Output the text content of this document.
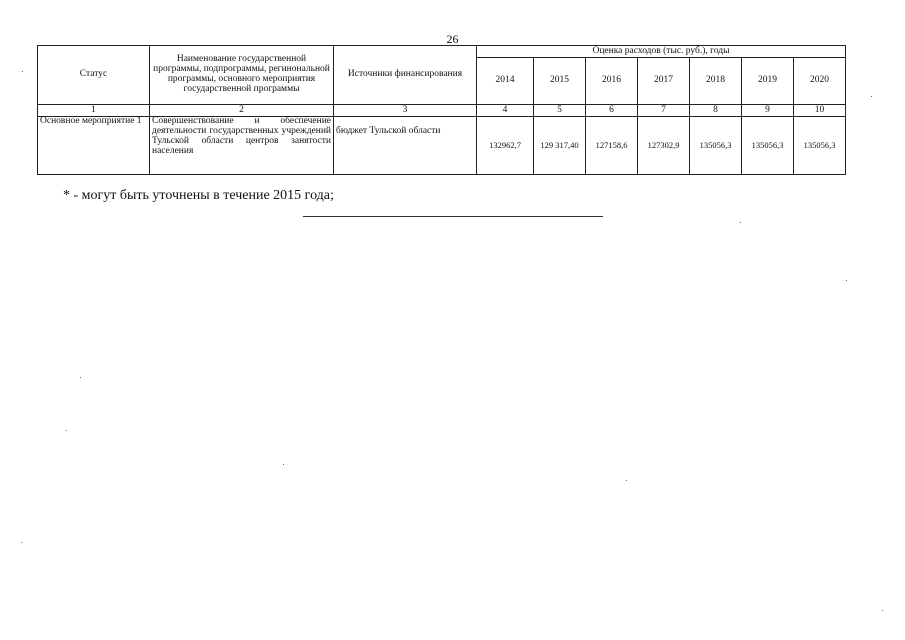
26
Статус	Наименование государственной программы, подпрограммы, регинональной программы, основного мероприятия государственной программы	Источники финансирования	Оценка расходов (тыс. руб.), годы						
			2014	2015	2016	2017	2018	2019	2020
1	2	3	4	5	6	7	8	9	10
Основное мероприятие 1	Совершенствование и обеспечение деятельности государственных учреждений Тульской области центров занятости населения	бюджет Тульской области	132962,7	129 317,40	127158,6	127302,9	135056,3	135056,3	135056,3
* - могут быть уточнены в течение 2015 года;
